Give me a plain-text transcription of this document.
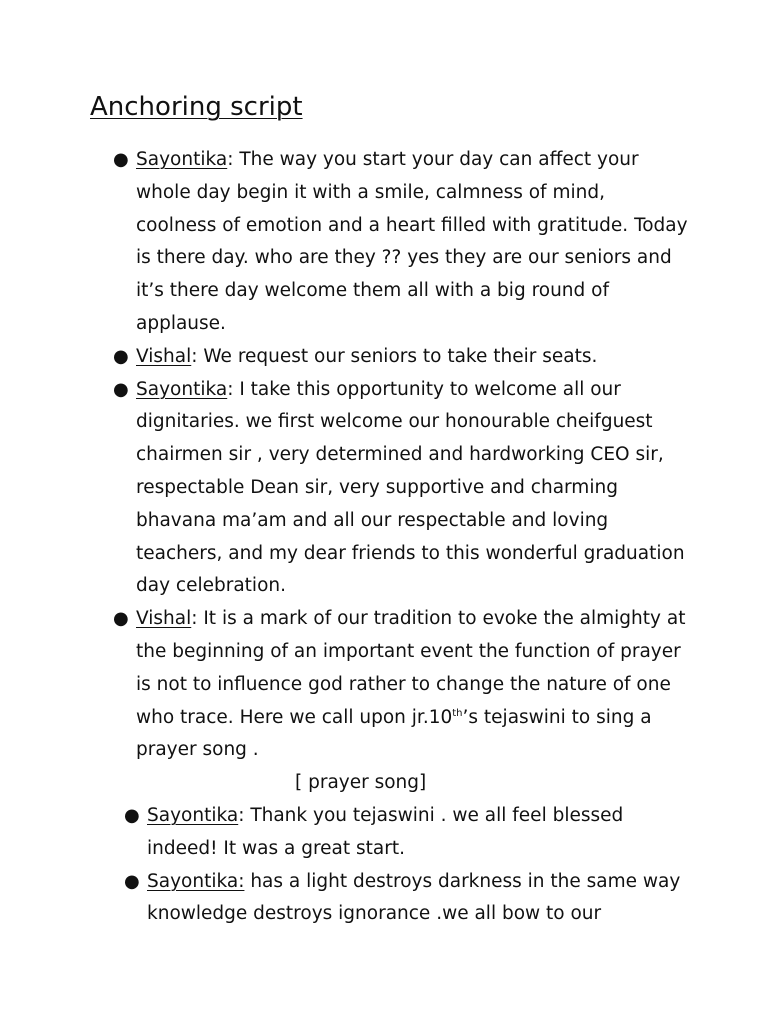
Anchoring script
● Sayontika: The way you start your day can affect your whole day begin it with a smile, calmness of mind, coolness of emotion and a heart filled with gratitude. Today is there day. who are they ?? yes they are our seniors and it’s there day welcome them all with a big round of applause.
● Vishal: We request our seniors to take their seats.
● Sayontika: I take this opportunity to welcome all our dignitaries. we first welcome our honourable cheifguest chairmen sir , very determined and hardworking CEO sir, respectable Dean sir, very supportive and charming bhavana ma’am and all our respectable and loving teachers, and my dear friends to this wonderful graduation day celebration.
● Vishal: It is a mark of our tradition to evoke the almighty at the beginning of an important event the function of prayer is not to influence god rather to change the nature of one who trace. Here we call upon jr.10th’s tejaswini to sing a prayer song .
[ prayer song]
● Sayontika: Thank you tejaswini . we all feel blessed indeed! It was a great start.
● Sayontika: has a light destroys darkness in the same way knowledge destroys ignorance .we all bow to our
